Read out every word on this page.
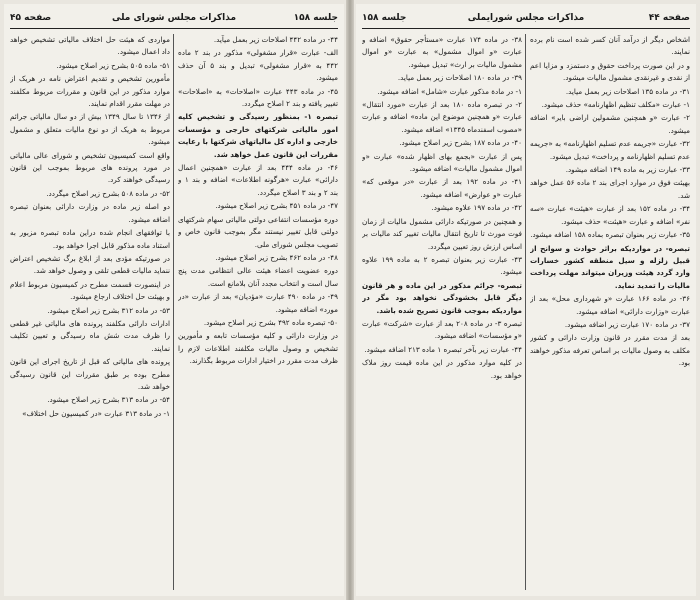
جلسه ۱۵۸
مذاکرات مجلس شورای ملی
صفحه ۴۵

۴۴- در ماده ۴۴۲ اصلاحات زیر بعمل میآید.

الف- عبارت «قرار مشغولی» مذکور در بند ۲ ماده ۴۴۲ به «قرار مشغولی» تبدیل و بند ۵ آن حذف میشود.

۴۵- در ماده ۴۴۳ عبارت «اصلاحات» به «اصلاحات» تغییر یافته و بند ۲ اصلاح میگردد.

تبصره ۱- بمنظور رسیدگی و تشخیص کلیه امور مالیاتی شرکتهای خارجی و مؤسسات خارجی و اداره کل مالیاتهای شرکتها با رعایت مقررات این قانون عمل خواهد شد.

۴۶- در ماده ۴۴۴ بعد از عبارت «همچنین اعمال دارائی» عبارت «هرگونه اطلاعات» اضافه و بند ۱ و بند ۲ و بند ۳ اصلاح میگردد.

۴۷- در ماده ۴۵۱ بشرح زیر اصلاح میشود.

دوره مؤسسات انتفاعی دولتی مالیاتی سهام شرکتهای دولتی قابل تغییر نیستند مگر بموجب قانون خاص و تصویب مجلس شورای ملی.

۴۸- در ماده ۴۶۲ بشرح زیر اصلاح میشود.

دوره عضویت اعضاء هیئت عالی انتظامی مدت پنج سال است و انتخاب مجدد آنان بلامانع است.

۴۹- در ماده ۴۹۰ عبارت «مؤدیان» بعد از عبارت «در مورد» اضافه میشود.

۵۰- تبصره ماده ۴۹۲ بشرح زیر اصلاح میشود.

در وزارت دارائی و کلیه مؤسسات تابعه و مأمورین تشخیص و وصول مالیات مکلفند اطلاعات لازم را ظرف مدت مقرر در اختیار ادارات مربوط بگذارند.

مواردی که هیئت حل اختلاف مالیاتی تشخیص خواهد داد اعمال میشود.

۵۱- ماده ۵۰۵ بشرح زیر اصلاح میشود.

مأمورین تشخیص و تقدیم اعتراض نامه در هریک از موارد مذکور در این قانون و مقررات مربوط مکلفند در مهلت مقرر اقدام نمایند.

از ۱۳۴۶ تا سال ۱۳۴۹ بیش از دو سال مالیاتی جرائم مربوط به هریک از دو نوع مالیات متعلق و مشمول میشود.

واقع است کمیسیون تشخیص و شورای عالی مالیاتی در مورد پرونده های مربوط بموجب این قانون رسیدگی خواهند کرد.

۵۲- در ماده ۵۰۸ بشرح زیر اصلاح میگردد.

دو اصله زیر ماده در وزارت دارائی بعنوان تبصره اضافه میشود.

با توافقهای انجام شده دراین ماده تبصره مزبور به استناد ماده مذکور قابل اجرا خواهد بود.

در صورتیکه مؤدی بعد از ابلاغ برگ تشخیص اعتراض ننماید مالیات قطعی تلقی و وصول خواهد شد.

در اینصورت قسمت مطرح در کمیسیون مربوط اعلام و بهیئت حل اختلاف ارجاع میشود.

۵۳- در ماده ۳۱۲ بشرح زیر اصلاح میشود.

ادارات دارائی مکلفند پرونده های مالیاتی غیر قطعی را ظرف مدت شش ماه رسیدگی و تعیین تکلیف نمایند.

پرونده های مالیاتی که قبل از تاریخ اجرای این قانون مطرح بوده بر طبق مقررات این قانون رسیدگی خواهد شد.

۵۴- در ماده ۳۱۳ بشرح زیر اصلاح میشود.

۱- در مادة ۳۱۳ عبارت «در کمیسیون حل اختلاف»

صفحه ۴۴
مذاکرات مجلس شورایملی
جلسه ۱۵۸

اشخاص دیگر از درآمد آنان کسر شده است نام برده نمایند.

و در این صورت پرداخت حقوق و دستمزد و مزایا اعم از نقدی و غیرنقدی مشمول مالیات میشود.

۳۱- در ماده ۱۳۵ اصلاحات زیر بعمل میاید.

۱- عبارت «مکلف تنظیم اظهارنامه» حذف میشود.

۲- عبارت «و همچنین مشمولین اراضی بایر» اضافه میشود.

۳۲- عبارت «جریمه عدم تسلیم اظهارنامه» به «جریمه عدم تسلیم اظهارنامه و پرداخت» تبدیل میشود.

۳۳- عبارت زیر به ماده ۱۴۹ اضافه میشود.

بهیئت فوق در موارد اجرای بند ۲ ماده ۵۶ عمل خواهد شد.

۳۴- در ماده ۱۵۲ بعد از عبارت «هیئت» عبارت «سه نفر» اضافه و عبارت «هیئت» حذف میشود.

۳۵- عبارت زیر بعنوان تبصره بماده ۱۵۸ اضافه میشود.

تبصره- در مواردیکه براثر حوادث و سوانح از قبیل زلزله و سیل منطقه کشور خسارات وارد گردد هیئت وزیران میتواند مهلت پرداخت مالیات را تمدید نماید.

۳۶- در ماده ۱۶۶ عبارت «و شهرداری محل» بعد از عبارت «وزارت دارائی» اضافه میشود.

۳۷- در ماده ۱۷۰ عبارت زیر اضافه میشود.

بعد از مدت مقرر در قانون وزارت دارائی و کشور مکلف به وصول مالیات بر اساس تعرفه مذکور خواهند بود.

۳۸- در ماده ۱۷۴ عبارت «مستأجر حقوق» اضافه و عبارت «و اموال مشمول» به عبارت «و اموال مشمول مالیات بر ارث» تبدیل میشود.

۳۹- در ماده ۱۸۰ اصلاحات زیر بعمل میاید.

۱- در مادة مذکور عبارت «شامل» اضافه میشود.

۲- در تبصره ماده ۱۸۰ بعد از عبارت «مورد انتقال» عبارت «و همچنین موضوع این ماده» اضافه و عبارت «مصوب اسفندماه ۱۳۴۵» اضافه میشود.

۴۰- در ماده ۱۸۷ بشرح زیر اصلاح میشود.

پس از عبارت «بجمع بهای اظهار شده» عبارت «و اموال مشمول مالیات» اضافه میشود.

۴۱- در ماده ۱۹۲ بعد از عبارت «در موقعی که» عبارت «و عوارض» اضافه میشود.

۴۲- در ماده ۱۹۷ علاوه میشود.

و همچنین در صورتیکه دارائی مشمول مالیات از زمان فوت مورث تا تاریخ انتقال مالیات تغییر کند مالیات بر اساس ارزش روز تعیین میگردد.

۴۳- عبارت زیر بعنوان تبصره ۲ به ماده ۱۹۹ علاوه میشود.

تبصره- جرائم مذکور در این ماده و هر قانون دیگر قابل بخشودگی نخواهد بود مگر در مواردیکه بموجب قانون تصریح شده باشد.

تبصره ۳- در ماده ۲۰۸ بعد از عبارت «شرکت» عبارت «و مؤسسات» اضافه میشود.

۴۴- عبارت زیر بآخر تبصره ۱ ماده ۲۱۳ اضافه میشود.

در کلیه موارد مذکور در این ماده قیمت روز ملاک خواهد بود.
